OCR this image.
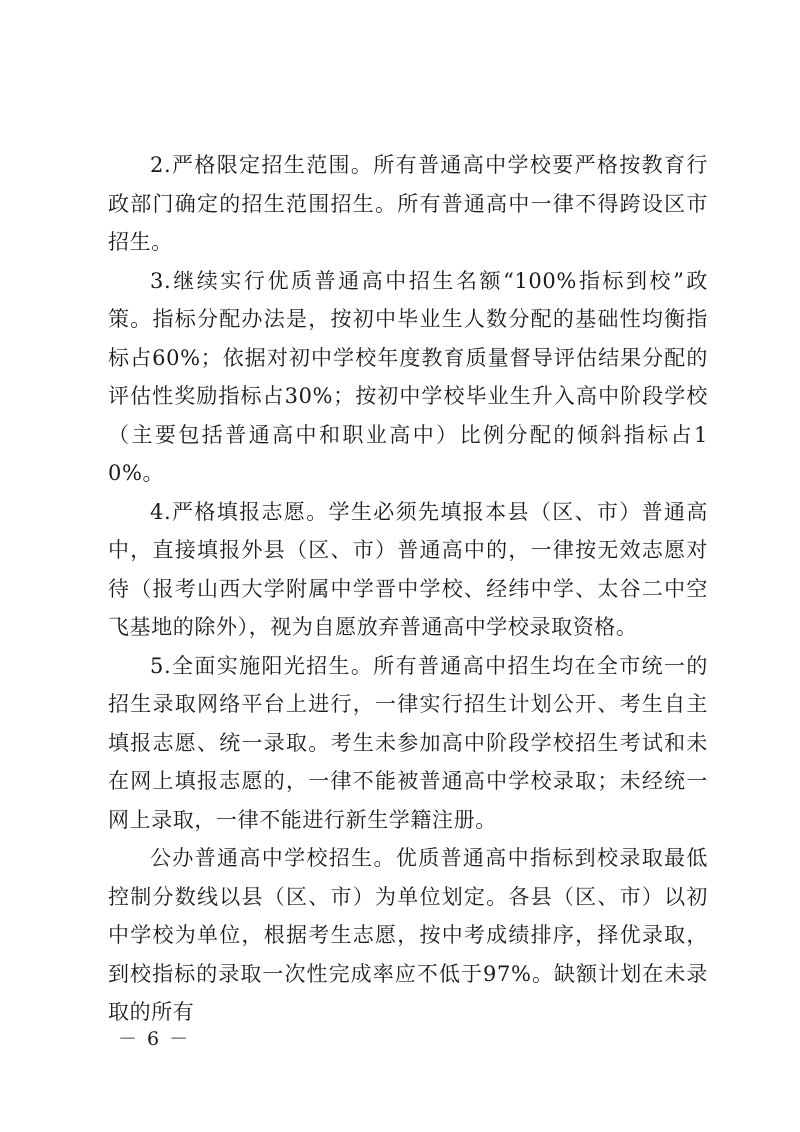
2.严格限定招生范围。所有普通高中学校要严格按教育行政部门确定的招生范围招生。所有普通高中一律不得跨设区市招生。

3.继续实行优质普通高中招生名额“100%指标到校”政策。指标分配办法是，按初中毕业生人数分配的基础性均衡指标占60%；依据对初中学校年度教育质量督导评估结果分配的评估性奖励指标占30%；按初中学校毕业生升入高中阶段学校（主要包括普通高中和职业高中）比例分配的倾斜指标占10%。

4.严格填报志愿。学生必须先填报本县（区、市）普通高中，直接填报外县（区、市）普通高中的，一律按无效志愿对待（报考山西大学附属中学晋中学校、经纬中学、太谷二中空飞基地的除外），视为自愿放弃普通高中学校录取资格。

5.全面实施阳光招生。所有普通高中招生均在全市统一的招生录取网络平台上进行，一律实行招生计划公开、考生自主填报志愿、统一录取。考生未参加高中阶段学校招生考试和未在网上填报志愿的，一律不能被普通高中学校录取；未经统一网上录取，一律不能进行新生学籍注册。

公办普通高中学校招生。优质普通高中指标到校录取最低控制分数线以县（区、市）为单位划定。各县（区、市）以初中学校为单位，根据考生志愿，按中考成绩排序，择优录取，到校指标的录取一次性完成率应不低于97%。缺额计划在未录取的所有

－ 6 －
